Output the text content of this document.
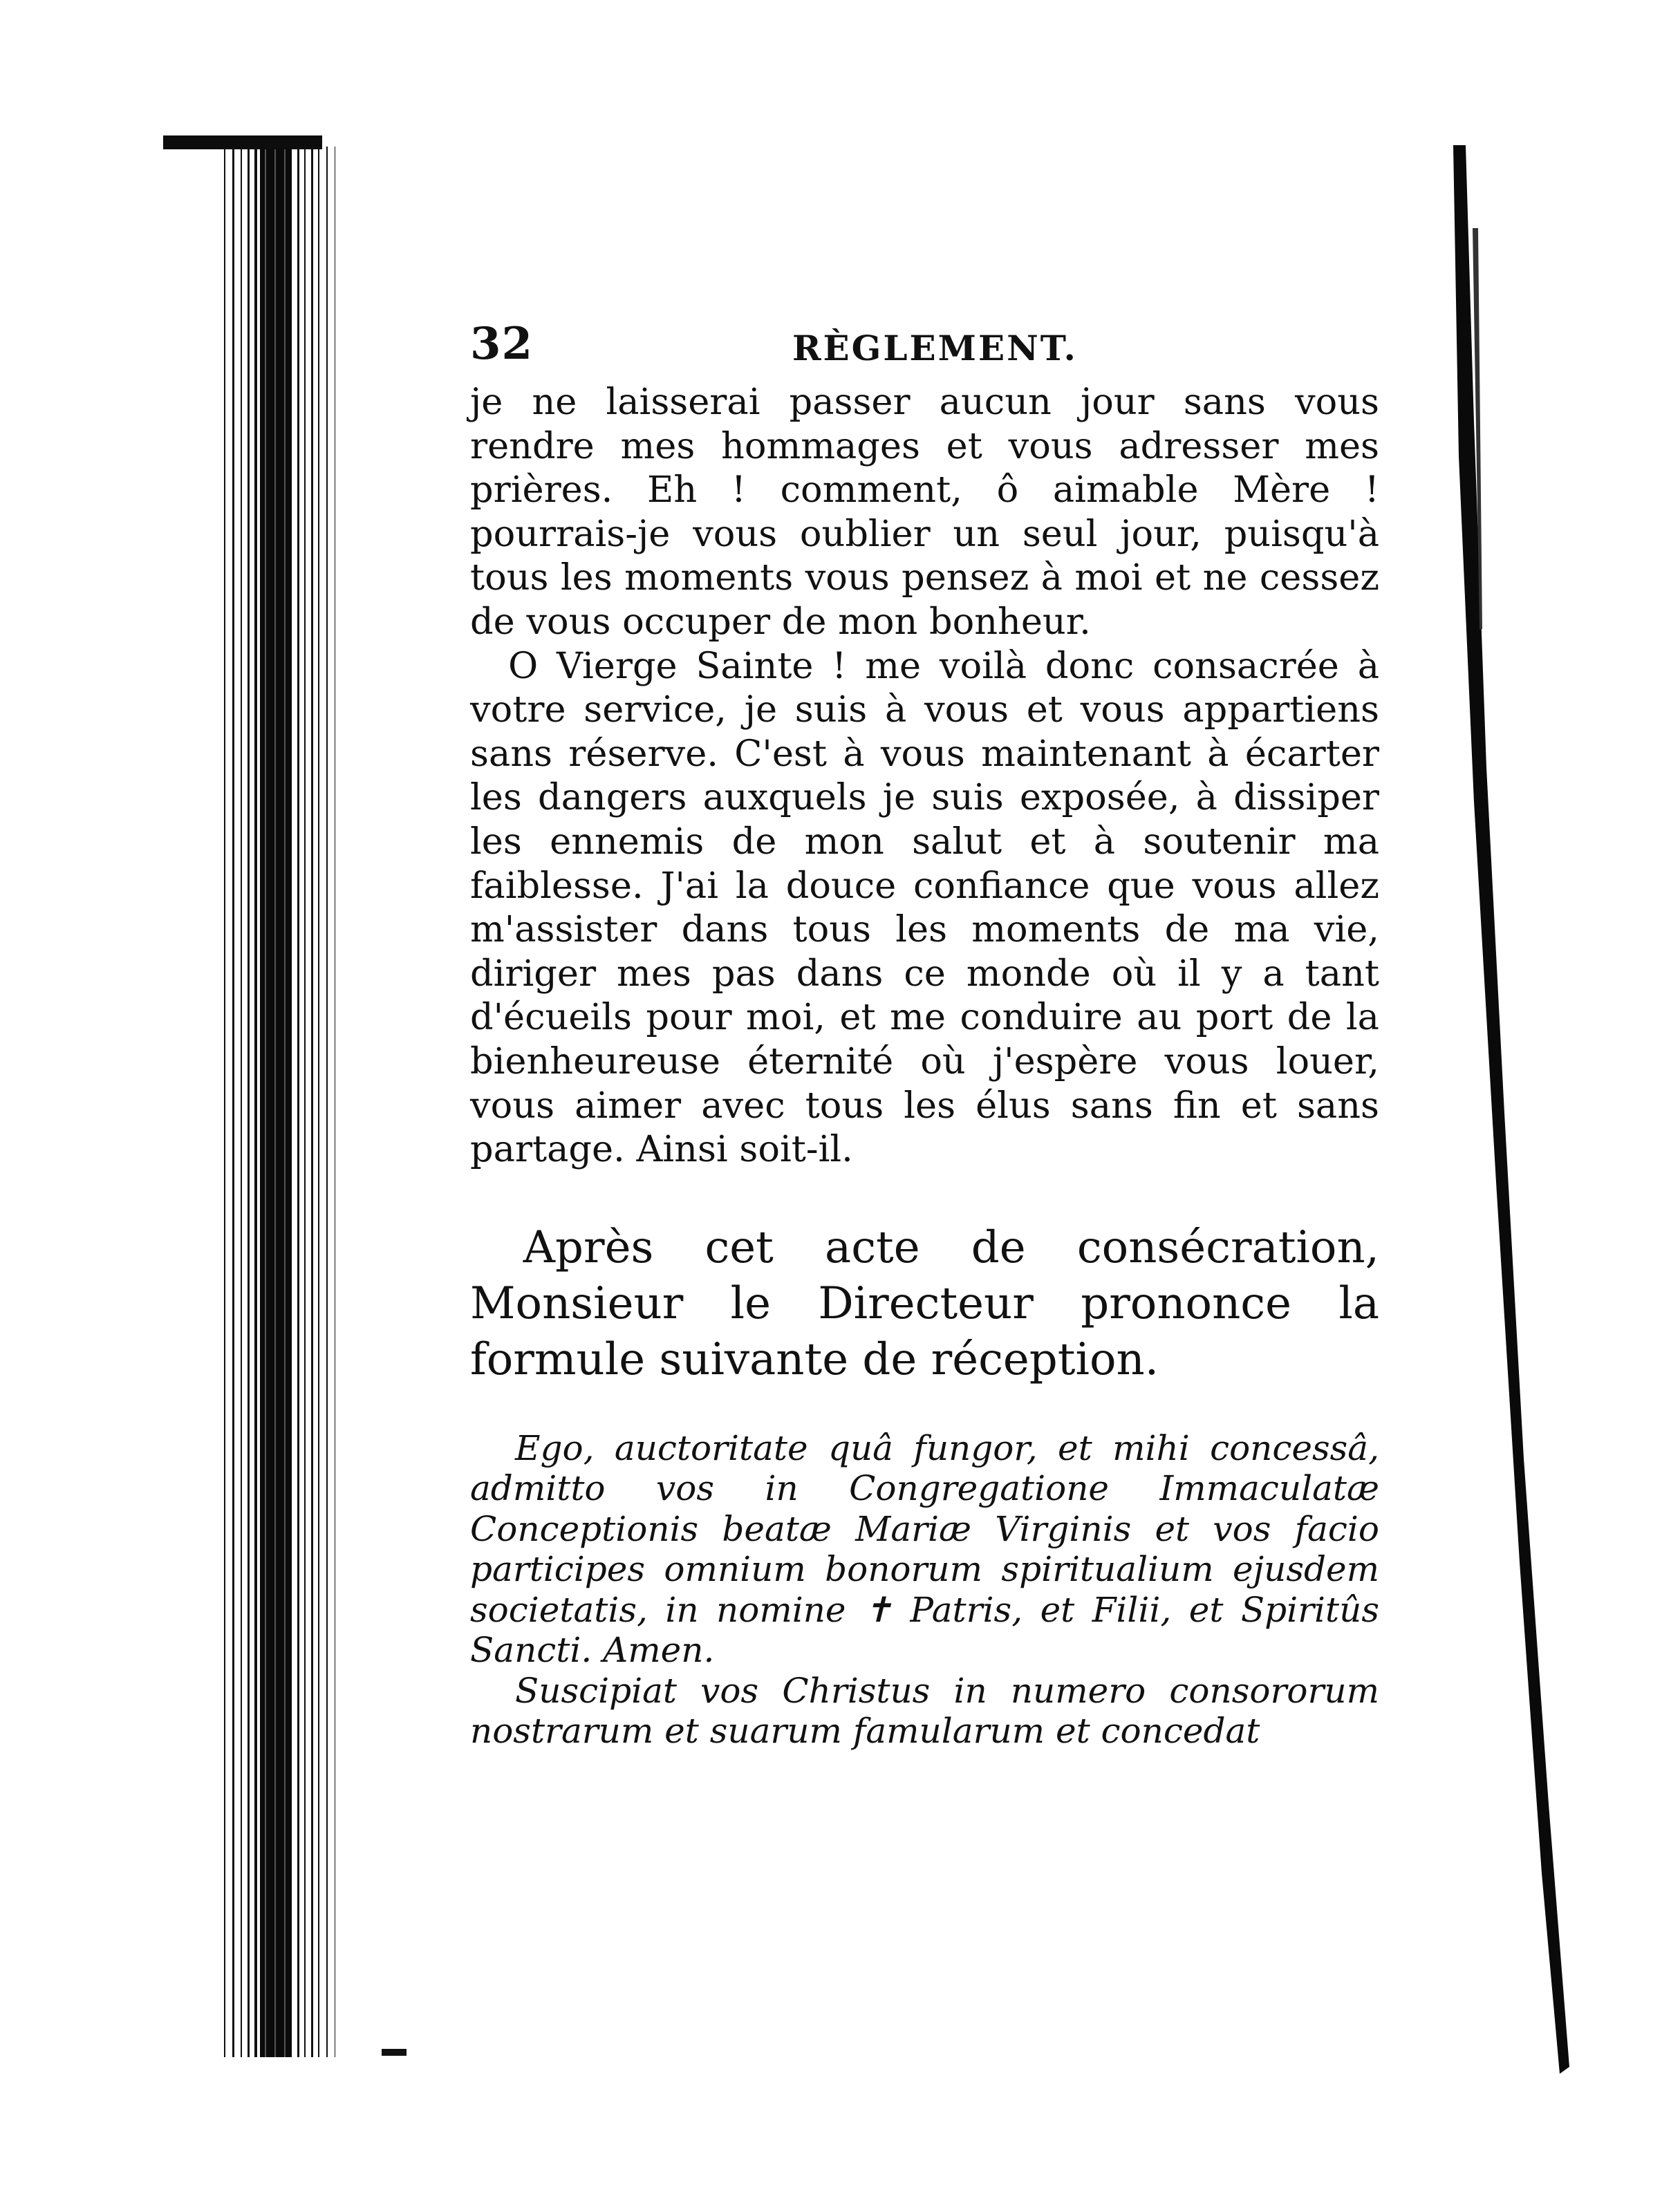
32	RÈGLEMENT.

je ne laisserai passer aucun jour sans vous rendre mes hommages et vous adresser mes prières. Eh ! comment, ô aimable Mère ! pourrais-je vous oublier un seul jour, puisqu'à tous les moments vous pensez à moi et ne cessez de vous occuper de mon bonheur.

O Vierge Sainte ! me voilà donc consacrée à votre service, je suis à vous et vous appartiens sans réserve. C'est à vous maintenant à écarter les dangers auxquels je suis exposée, à dissiper les ennemis de mon salut et à soutenir ma faiblesse. J'ai la douce confiance que vous allez m'assister dans tous les moments de ma vie, diriger mes pas dans ce monde où il y a tant d'écueils pour moi, et me conduire au port de la bienheureuse éternité où j'espère vous louer, vous aimer avec tous les élus sans fin et sans partage. Ainsi soit-il.

Après cet acte de consécration, Monsieur le Directeur prononce la formule suivante de réception.

Ego, auctoritate quâ fungor, et mihi concessâ, admitto vos in Congregatione Immaculatæ Conceptionis beatæ Mariæ Virginis et vos facio participes omnium bonorum spiritualium ejusdem societatis, in nomine ✝ Patris, et Filii, et Spiritûs Sancti. Amen.

Suscipiat vos Christus in numero consororum nostrarum et suarum famularum et concedat
